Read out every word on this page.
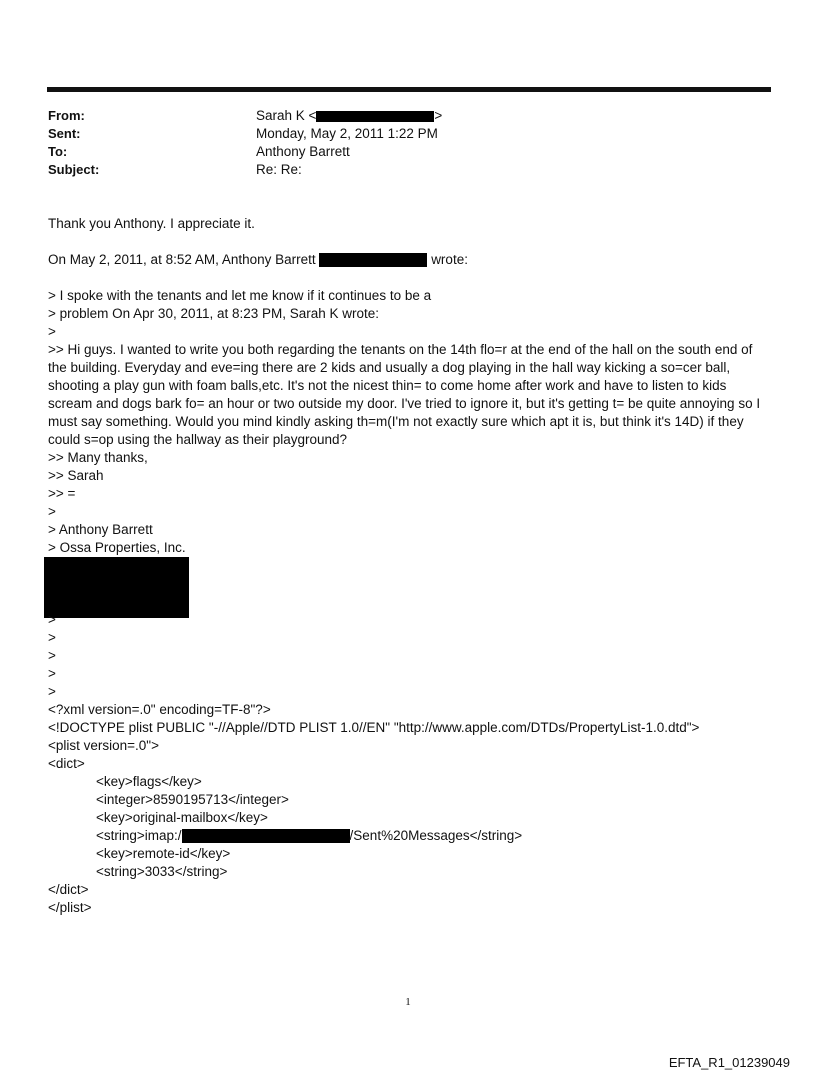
From:	Sarah K <	>
Sent:	Monday, May 2, 2011 1:22 PM
To:	Anthony Barrett
Subject:	Re: Re:
Thank you Anthony. I appreciate it.
On May 2, 2011, at 8:52 AM, Anthony Barrett	wrote:
> I spoke with the tenants and let me know if it continues to be a
> problem On Apr 30, 2011, at 8:23 PM, Sarah K wrote:
>
>> Hi guys. I wanted to write you both regarding the tenants on the 14th flo=r at the end of the hall on the south end of the building. Everyday and eve=ing there are 2 kids and usually a dog playing in the hall way kicking a so=cer ball, shooting a play gun with foam balls,etc. It's not the nicest thin= to come home after work and have to listen to kids scream and dogs bark fo= an hour or two outside my door. I've tried to ignore it, but it's getting t= be quite annoying so I must say something. Would you mind kindly asking th=m(I'm not exactly sure which apt it is, but think it's 14D) if they could s=op using the hallway as their playground?
>> Many thanks,
>> Sarah
>> =
>
> Anthony Barrett
> Ossa Properties, Inc.
>
>
>
>
>
<?xml version=.0" encoding=TF-8"?>
<!DOCTYPE plist PUBLIC "-//Apple//DTD PLIST 1.0//EN" "http://www.apple.com/DTDs/PropertyList-1.0.dtd">
<plist version=.0">
<dict>
<key>flags</key>
<integer>8590195713</integer>
<key>original-mailbox</key>
<string>imap:/	/Sent%20Messages</string>
<key>remote-id</key>
<string>3033</string>
</dict>
</plist>
1
EFTA_R1_01239049
